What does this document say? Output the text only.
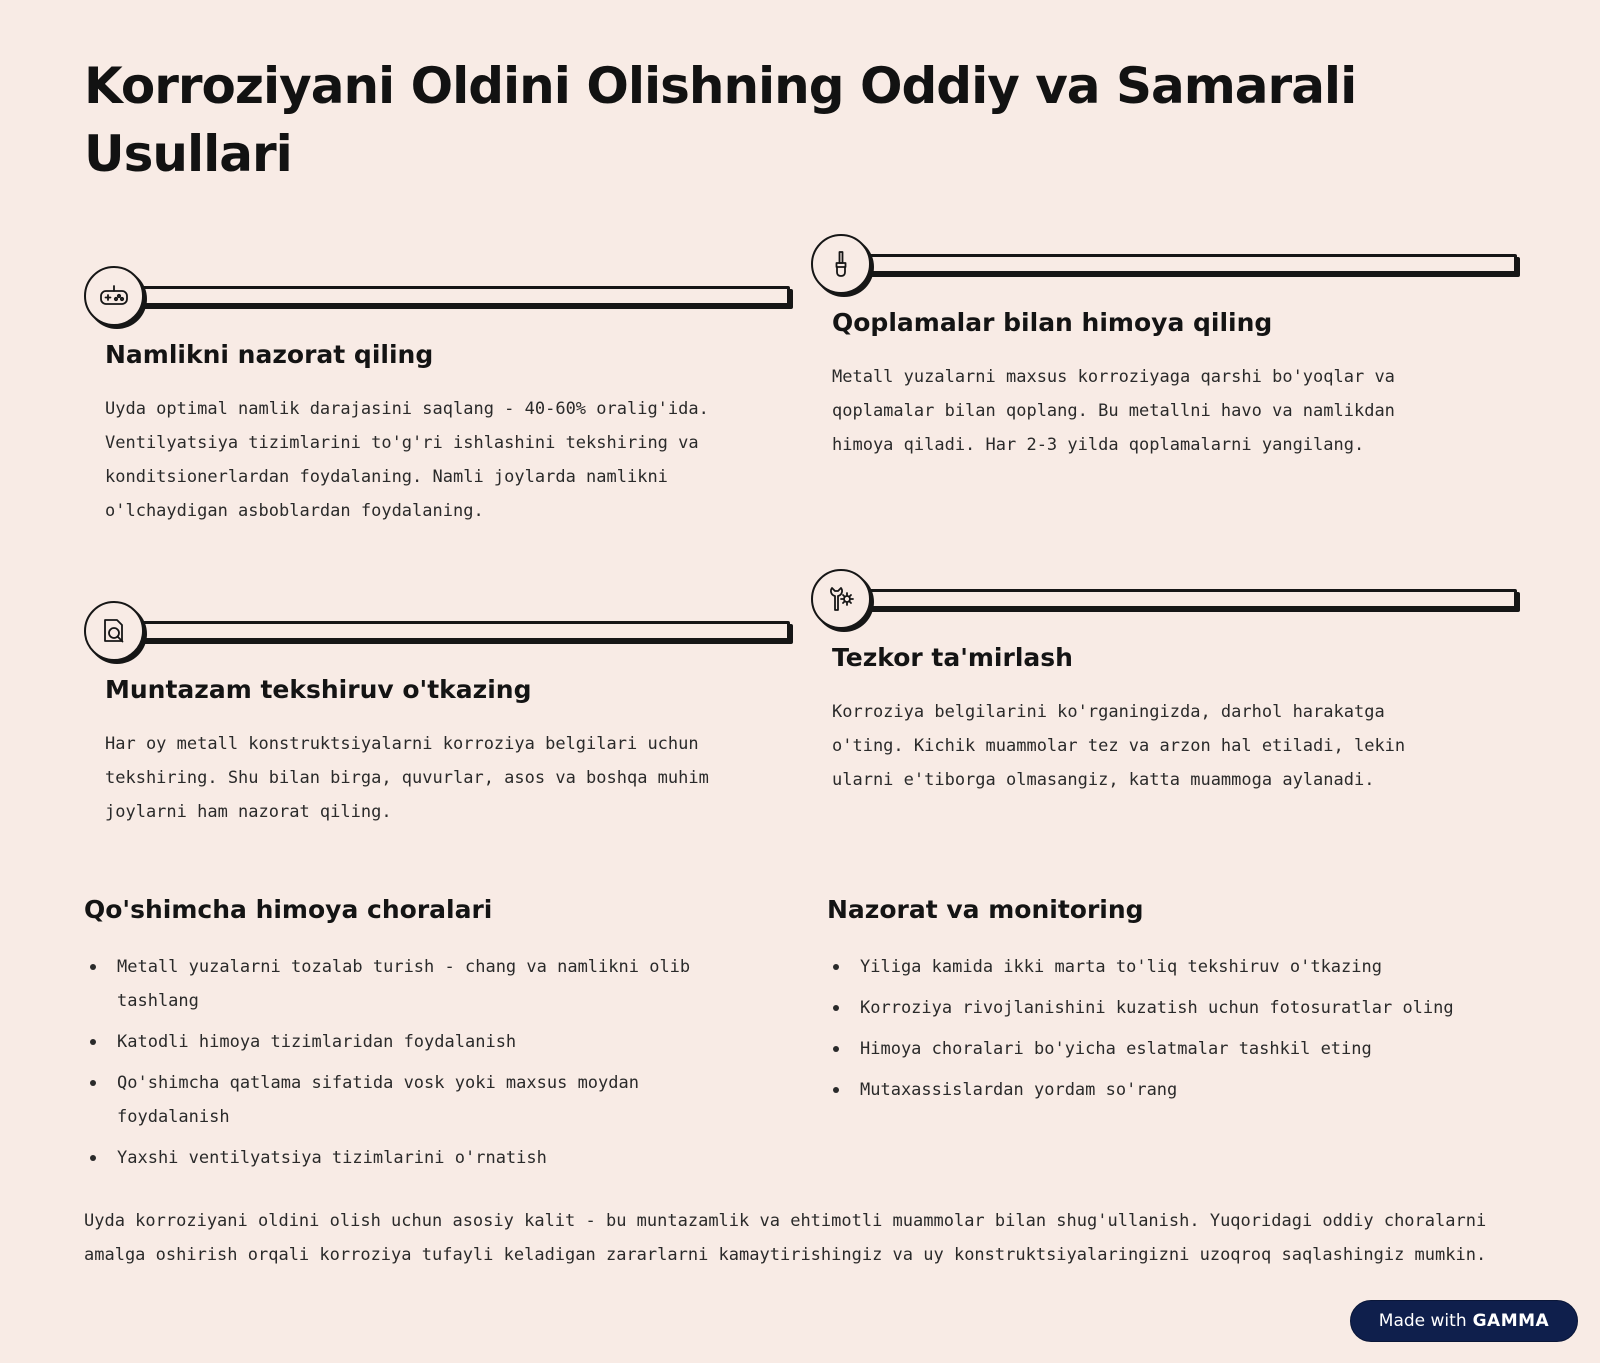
Korroziyani Oldini Olishning Oddiy va Samarali Usullari
Namlikni nazorat qiling

Uyda optimal namlik darajasini saqlang - 40-60% oralig'ida. Ventilyatsiya tizimlarini to'g'ri ishlashini tekshiring va konditsionerlardan foydalaning. Namli joylarda namlikni o'lchaydigan asboblardan foydalaning.

Qoplamalar bilan himoya qiling

Metall yuzalarni maxsus korroziyaga qarshi bo'yoqlar va qoplamalar bilan qoplang. Bu metallni havo va namlikdan himoya qiladi. Har 2-3 yilda qoplamalarni yangilang.

Muntazam tekshiruv o'tkazing

Har oy metall konstruktsiyalarni korroziya belgilari uchun tekshiring. Shu bilan birga, quvurlar, asos va boshqa muhim joylarni ham nazorat qiling.

Tezkor ta'mirlash

Korroziya belgilarini ko'rganingizda, darhol harakatga o'ting. Kichik muammolar tez va arzon hal etiladi, lekin ularni e'tiborga olmasangiz, katta muammoga aylanadi.

Qo'shimcha himoya choralari
Metall yuzalarni tozalab turish - chang va namlikni olib tashlang
Katodli himoya tizimlaridan foydalanish
Qo'shimcha qatlama sifatida vosk yoki maxsus moydan foydalanish
Yaxshi ventilyatsiya tizimlarini o'rnatish
Nazorat va monitoring
Yiliga kamida ikki marta to'liq tekshiruv o'tkazing
Korroziya rivojlanishini kuzatish uchun fotosuratlar oling
Himoya choralari bo'yicha eslatmalar tashkil eting
Mutaxassislardan yordam so'rang

Uyda korroziyani oldini olish uchun asosiy kalit - bu muntazamlik va ehtimotli muammolar bilan shug'ullanish. Yuqoridagi oddiy choralarni amalga oshirish orqali korroziya tufayli keladigan zararlarni kamaytirishingiz va uy konstruktsiyalaringizni uzoqroq saqlashingiz mumkin.

Made with GAMMA
